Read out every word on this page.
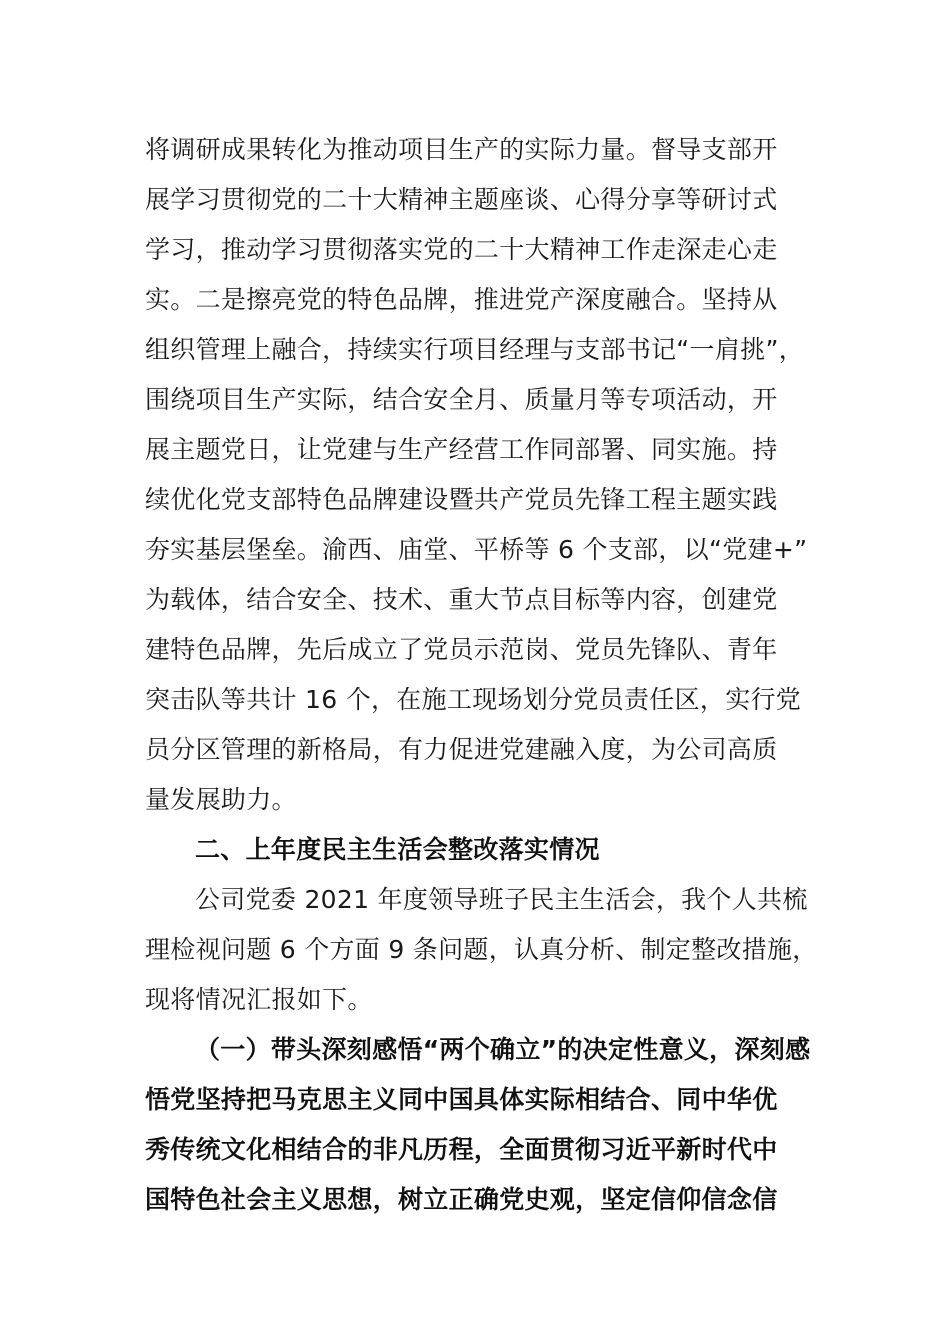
将调研成果转化为推动项目生产的实际力量。督导支部开
展学习贯彻党的二十大精神主题座谈、心得分享等研讨式
学习，推动学习贯彻落实党的二十大精神工作走深走心走
实。二是擦亮党的特色品牌，推进党产深度融合。坚持从
组织管理上融合，持续实行项目经理与支部书记“一肩挑”，
围绕项目生产实际，结合安全月、质量月等专项活动，开
展主题党日，让党建与生产经营工作同部署、同实施。持
续优化党支部特色品牌建设暨共产党员先锋工程主题实践
夯实基层堡垒。渝西、庙堂、平桥等 6 个支部，以“党建+”
为载体，结合安全、技术、重大节点目标等内容，创建党
建特色品牌，先后成立了党员示范岗、党员先锋队、青年
突击队等共计 16 个，在施工现场划分党员责任区，实行党
员分区管理的新格局，有力促进党建融入度，为公司高质
量发展助力。
二、上年度民主生活会整改落实情况
公司党委 2021 年度领导班子民主生活会，我个人共梳
理检视问题 6 个方面 9 条问题，认真分析、制定整改措施，
现将情况汇报如下。
（一）带头深刻感悟“两个确立”的决定性意义，深刻感
悟党坚持把马克思主义同中国具体实际相结合、同中华优
秀传统文化相结合的非凡历程，全面贯彻习近平新时代中
国特色社会主义思想，树立正确党史观，坚定信仰信念信
